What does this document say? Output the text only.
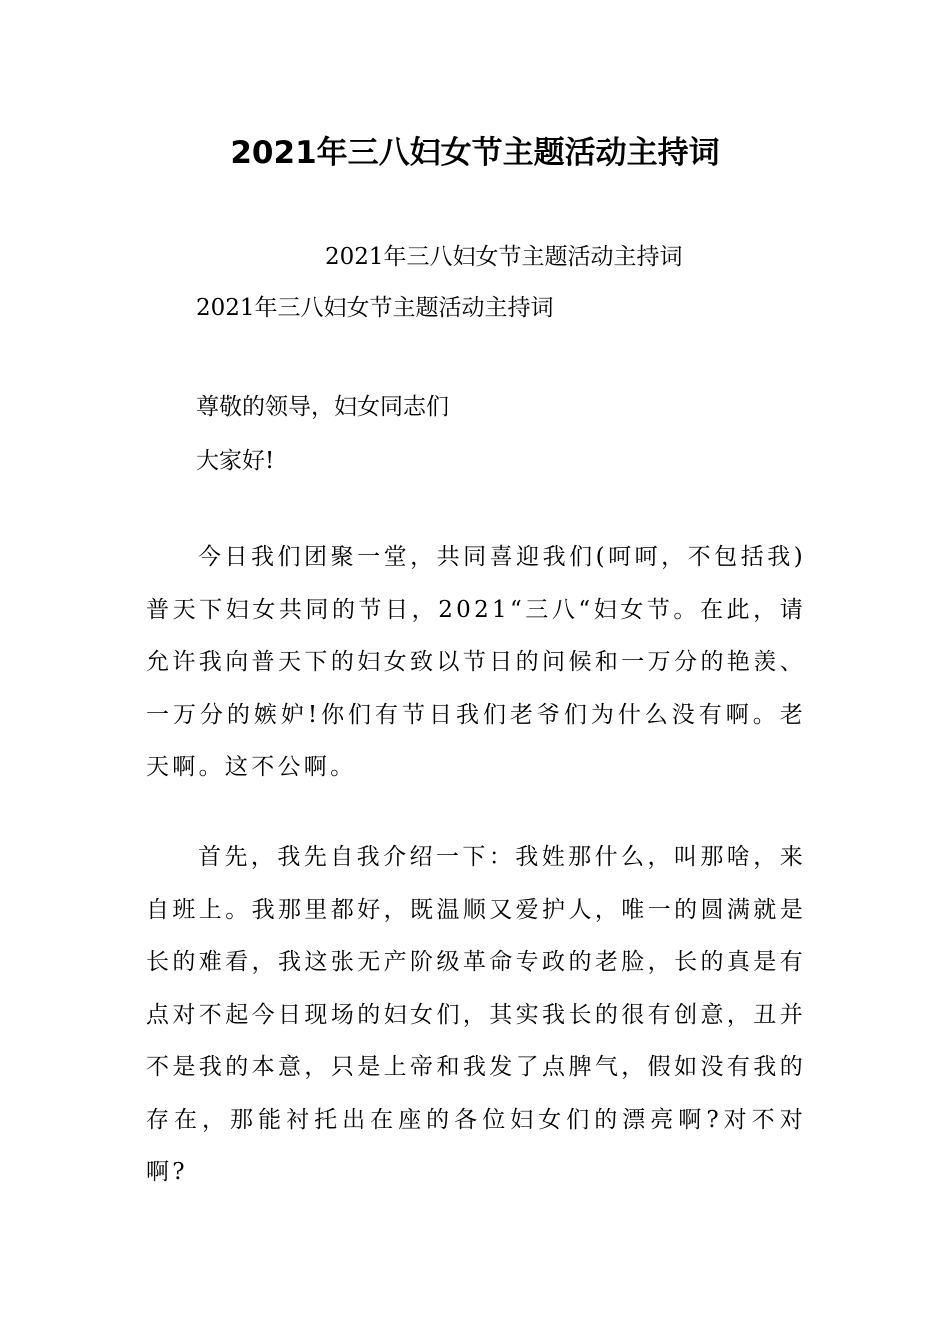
2021年三八妇女节主题活动主持词

2021年三八妇女节主题活动主持词

2021年三八妇女节主题活动主持词

尊敬的领导，妇女同志们

大家好!

今日我们团聚一堂，共同喜迎我们(呵呵，不包括我)普天下妇女共同的节日，2021“三八“妇女节。在此，请允许我向普天下的妇女致以节日的问候和一万分的艳羡、一万分的嫉妒!你们有节日我们老爷们为什么没有啊。老天啊。这不公啊。

首先，我先自我介绍一下：我姓那什么，叫那啥，来自班上。我那里都好，既温顺又爱护人，唯一的圆满就是长的难看，我这张无产阶级革命专政的老脸，长的真是有点对不起今日现场的妇女们，其实我长的很有创意，丑并不是我的本意，只是上帝和我发了点脾气，假如没有我的存在，那能衬托出在座的各位妇女们的漂亮啊?对不对啊?
